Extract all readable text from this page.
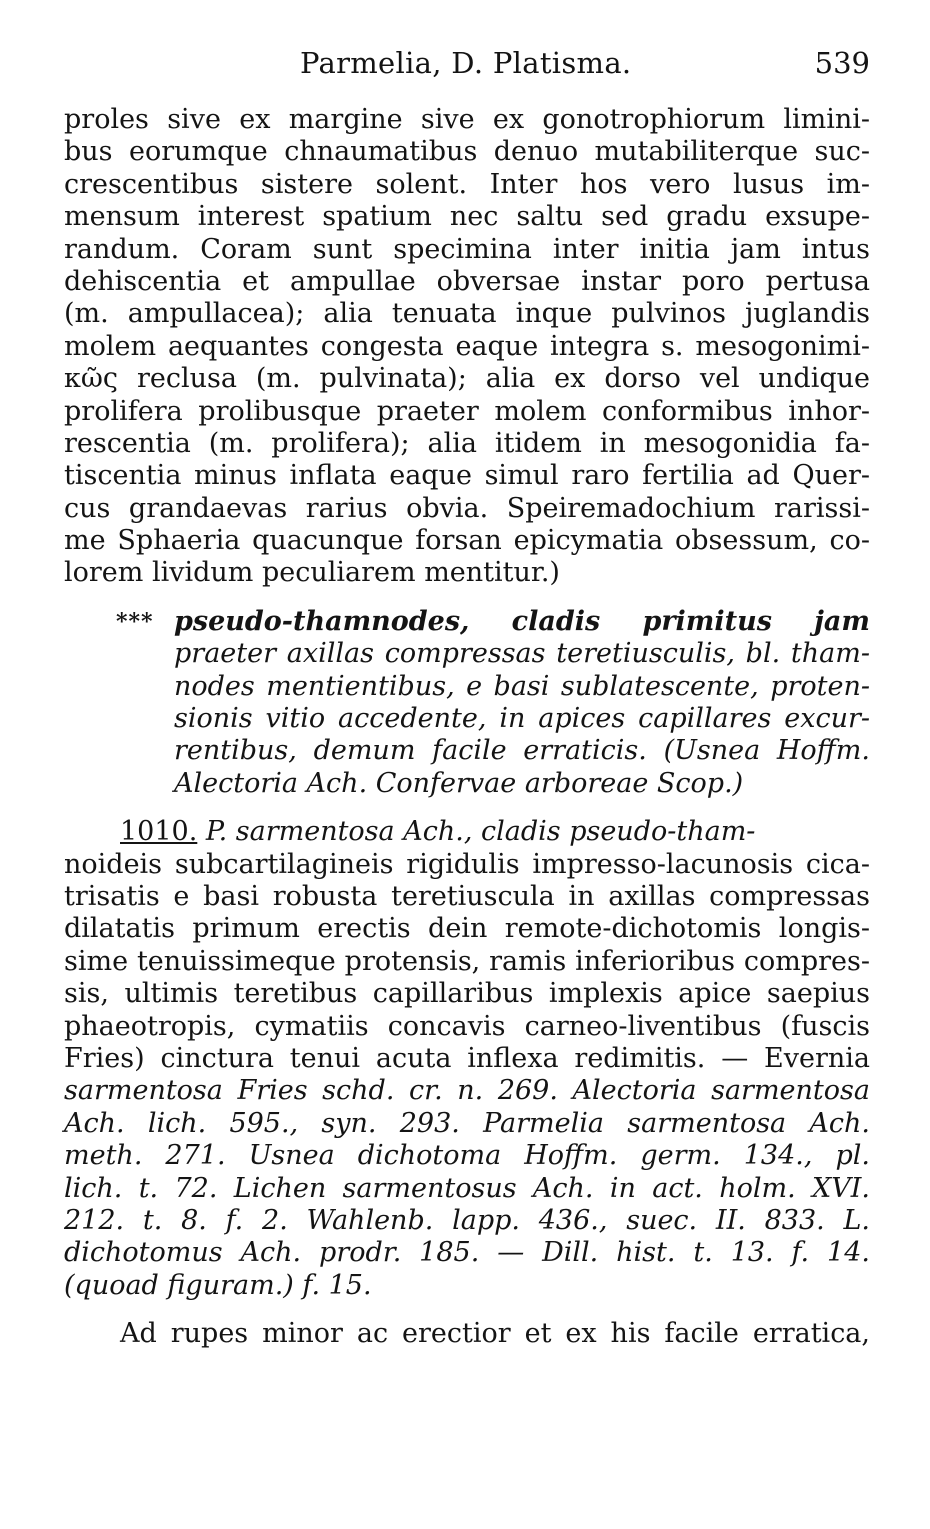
Parmelia, D. Platisma.	539
proles sive ex margine sive ex gonotrophiorum limini-
bus eorumque chnaumatibus denuo mutabiliterque suc-
crescentibus sistere solent. Inter hos vero lusus im-
mensum interest spatium nec saltu sed gradu exsupe-
randum. Coram sunt specimina inter initia jam intus
dehiscentia et ampullae obversae instar poro pertusa
(m. ampullacea); alia tenuata inque pulvinos juglandis
molem aequantes congesta eaque integra s. mesogonimi-
κῶς reclusa (m. pulvinata); alia ex dorso vel undique
prolifera prolibusque praeter molem conformibus inhor-
rescentia (m. prolifera); alia itidem in mesogonidia fa-
tiscentia minus inflata eaque simul raro fertilia ad Quer-
cus grandaevas rarius obvia. Speiremadochium rarissi-
me Sphaeria quacunque forsan epicymatia obsessum, co-
lorem lividum peculiarem mentitur.)
*** pseudo-thamnodes, cladis primitus jam
praeter axillas compressas teretiusculis, bl. tham-
nodes mentientibus, e basi sublatescente, proten-
sionis vitio accedente, in apices capillares excur-
rentibus, demum facile erraticis. (Usnea Hoffm.
Alectoria Ach. Confervae arboreae Scop.)
1010. P. sarmentosa Ach., cladis pseudo-tham-
noideis subcartilagineis rigidulis impresso-lacunosis cica-
trisatis e basi robusta teretiuscula in axillas compressas
dilatatis primum erectis dein remote-dichotomis longis-
sime tenuissimeque protensis, ramis inferioribus compres-
sis, ultimis teretibus capillaribus implexis apice saepius
phaeotropis, cymatiis concavis carneo-liventibus (fuscis
Fries) cinctura tenui acuta inflexa redimitis. — Evernia
sarmentosa Fries schd. cr. n. 269. Alectoria sarmentosa
Ach. lich. 595., syn. 293. Parmelia sarmentosa Ach.
meth. 271. Usnea dichotoma Hoffm. germ. 134., pl.
lich. t. 72. Lichen sarmentosus Ach. in act. holm. XVI.
212. t. 8. f. 2. Wahlenb. lapp. 436., suec. II. 833. L.
dichotomus Ach. prodr. 185. — Dill. hist. t. 13. f. 14.
(quoad figuram.) f. 15.
Ad rupes minor ac erectior et ex his facile erratica,
